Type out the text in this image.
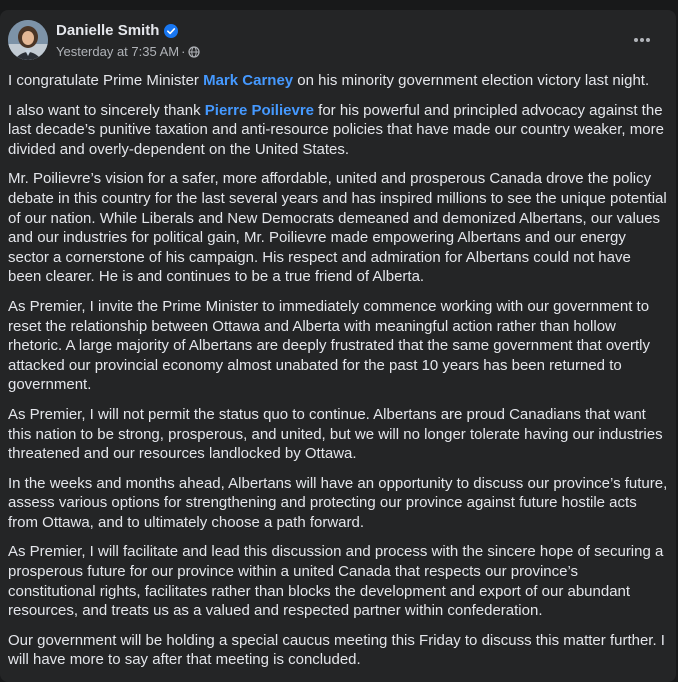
Danielle Smith
Yesterday at 7:35 AM ·

I congratulate Prime Minister Mark Carney on his minority government election victory last night.

I also want to sincerely thank Pierre Poilievre for his powerful and principled advocacy against the last decade’s punitive taxation and anti-resource policies that have made our country weaker, more divided and overly-dependent on the United States.

Mr. Poilievre’s vision for a safer, more affordable, united and prosperous Canada drove the policy debate in this country for the last several years and has inspired millions to see the unique potential of our nation. While Liberals and New Democrats demeaned and demonized Albertans, our values and our industries for political gain, Mr. Poilievre made empowering Albertans and our energy sector a cornerstone of his campaign. His respect and admiration for Albertans could not have been clearer. He is and continues to be a true friend of Alberta.

As Premier, I invite the Prime Minister to immediately commence working with our government to reset the relationship between Ottawa and Alberta with meaningful action rather than hollow rhetoric. A large majority of Albertans are deeply frustrated that the same government that overtly attacked our provincial economy almost unabated for the past 10 years has been returned to government.

As Premier, I will not permit the status quo to continue. Albertans are proud Canadians that want this nation to be strong, prosperous, and united, but we will no longer tolerate having our industries threatened and our resources landlocked by Ottawa.

In the weeks and months ahead, Albertans will have an opportunity to discuss our province’s future, assess various options for strengthening and protecting our province against future hostile acts from Ottawa, and to ultimately choose a path forward.

As Premier, I will facilitate and lead this discussion and process with the sincere hope of securing a prosperous future for our province within a united Canada that respects our province’s constitutional rights, facilitates rather than blocks the development and export of our abundant resources, and treats us as a valued and respected partner within confederation.

Our government will be holding a special caucus meeting this Friday to discuss this matter further. I will have more to say after that meeting is concluded.
